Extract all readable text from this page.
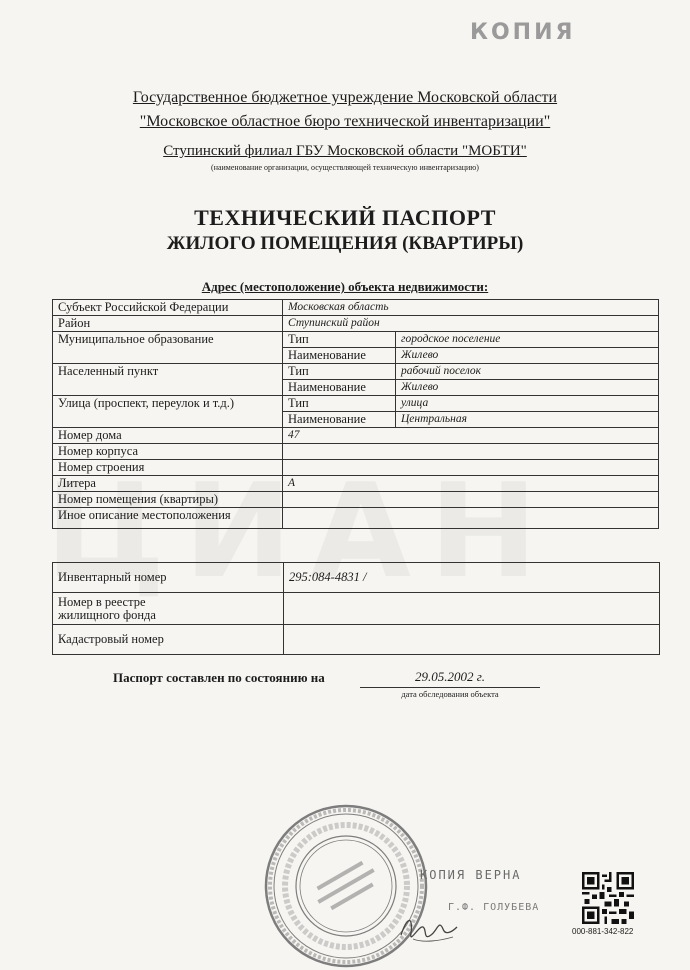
КОПИЯ
Государственное бюджетное учреждение Московской области
"Московское областное бюро технической инвентаризации"
Ступинский филиал ГБУ Московской области "МОБТИ"
(наименование организации, осуществляющей техническую инвентаризацию)
ТЕХНИЧЕСКИЙ ПАСПОРТ
ЖИЛОГО ПОМЕЩЕНИЯ (КВАРТИРЫ)
Адрес (местоположение) объекта недвижимости:
Субъект Российской Федерации	Московская область	
Район	Ступинский район	
Муниципальное образование	Тип	городское поселение
	Наименование	Жилево
Населенный пункт	Тип	рабочий поселок
	Наименование	Жилево
Улица (проспект, переулок и т.д.)	Тип	улица
	Наименование	Центральная
Номер дома	47	
Номер корпуса		
Номер строения		
Литера	А	
Номер помещения (квартиры)		
Иное описание местоположения		
Инвентарный номер	295:084-4831 /

Номер в реестре
жилищного фонда	

Кадастровый номер	
Паспорт составлен по состоянию на	29.05.2002 г.
дата обследования объекта
КОПИЯ ВЕРНА
Г.Ф. ГОЛУБЕВА
000-881-342-822
